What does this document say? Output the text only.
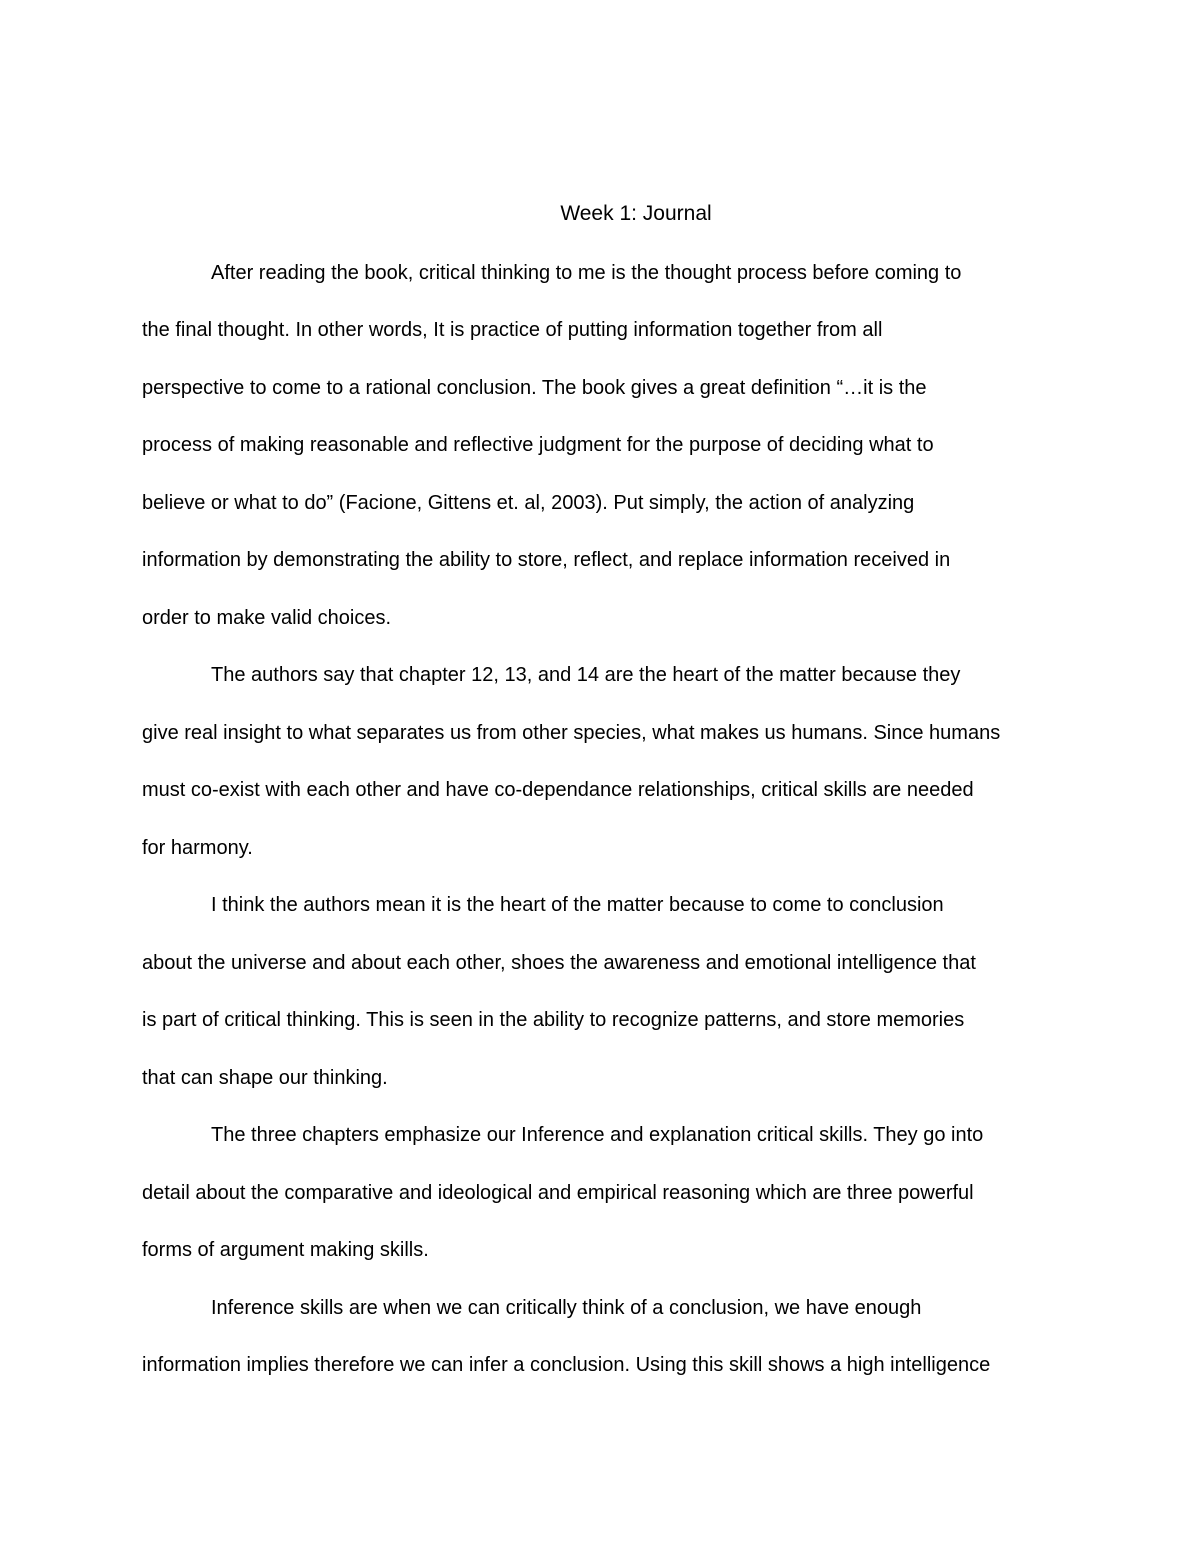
Week 1: Journal
After reading the book, critical thinking to me is the thought process before coming to
the final thought. In other words, It is practice of putting information together from all
perspective to come to a rational conclusion. The book gives a great definition “…it is the
process of making reasonable and reflective judgment for the purpose of deciding what to
believe or what to do” (Facione, Gittens et. al, 2003). Put simply, the action of analyzing
information by demonstrating the ability to store, reflect, and replace information received in
order to make valid choices.
The authors say that chapter 12, 13, and 14 are the heart of the matter because they
give real insight to what separates us from other species, what makes us humans. Since humans
must co-exist with each other and have co-dependance relationships, critical skills are needed
for harmony.
I think the authors mean it is the heart of the matter because to come to conclusion
about the universe and about each other, shoes the awareness and emotional intelligence that
is part of critical thinking. This is seen in the ability to recognize patterns, and store memories
that can shape our thinking.
The three chapters emphasize our Inference and explanation critical skills. They go into
detail about the comparative and ideological and empirical reasoning which are three powerful
forms of argument making skills.
Inference skills are when we can critically think of a conclusion, we have enough
information implies therefore we can infer a conclusion. Using this skill shows a high intelligence
